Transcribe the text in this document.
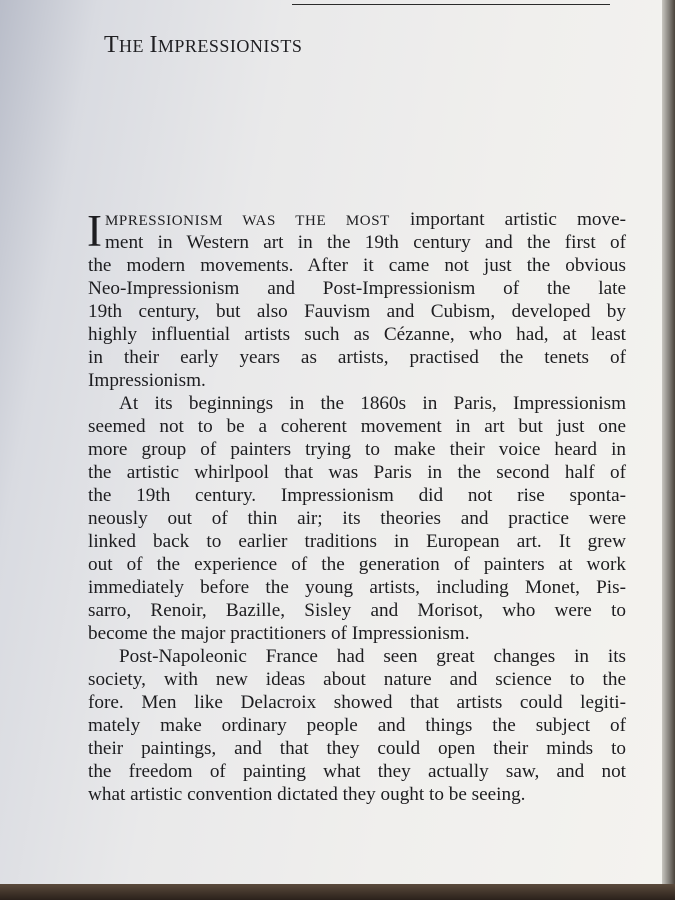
THE IMPRESSIONISTS
I MPRESSIONISM WAS THE MOST important artistic move-
ment in Western art in the 19th century and the first of
the modern movements. After it came not just the obvious
Neo-Impressionism and Post-Impressionism of the late
19th century, but also Fauvism and Cubism, developed by
highly influential artists such as Cézanne, who had, at least
in their early years as artists, practised the tenets of
Impressionism.
At its beginnings in the 1860s in Paris, Impressionism
seemed not to be a coherent movement in art but just one
more group of painters trying to make their voice heard in
the artistic whirlpool that was Paris in the second half of
the 19th century. Impressionism did not rise sponta-
neously out of thin air; its theories and practice were
linked back to earlier traditions in European art. It grew
out of the experience of the generation of painters at work
immediately before the young artists, including Monet, Pis-
sarro, Renoir, Bazille, Sisley and Morisot, who were to
become the major practitioners of Impressionism.
Post-Napoleonic France had seen great changes in its
society, with new ideas about nature and science to the
fore. Men like Delacroix showed that artists could legiti-
mately make ordinary people and things the subject of
their paintings, and that they could open their minds to
the freedom of painting what they actually saw, and not
what artistic convention dictated they ought to be seeing.
